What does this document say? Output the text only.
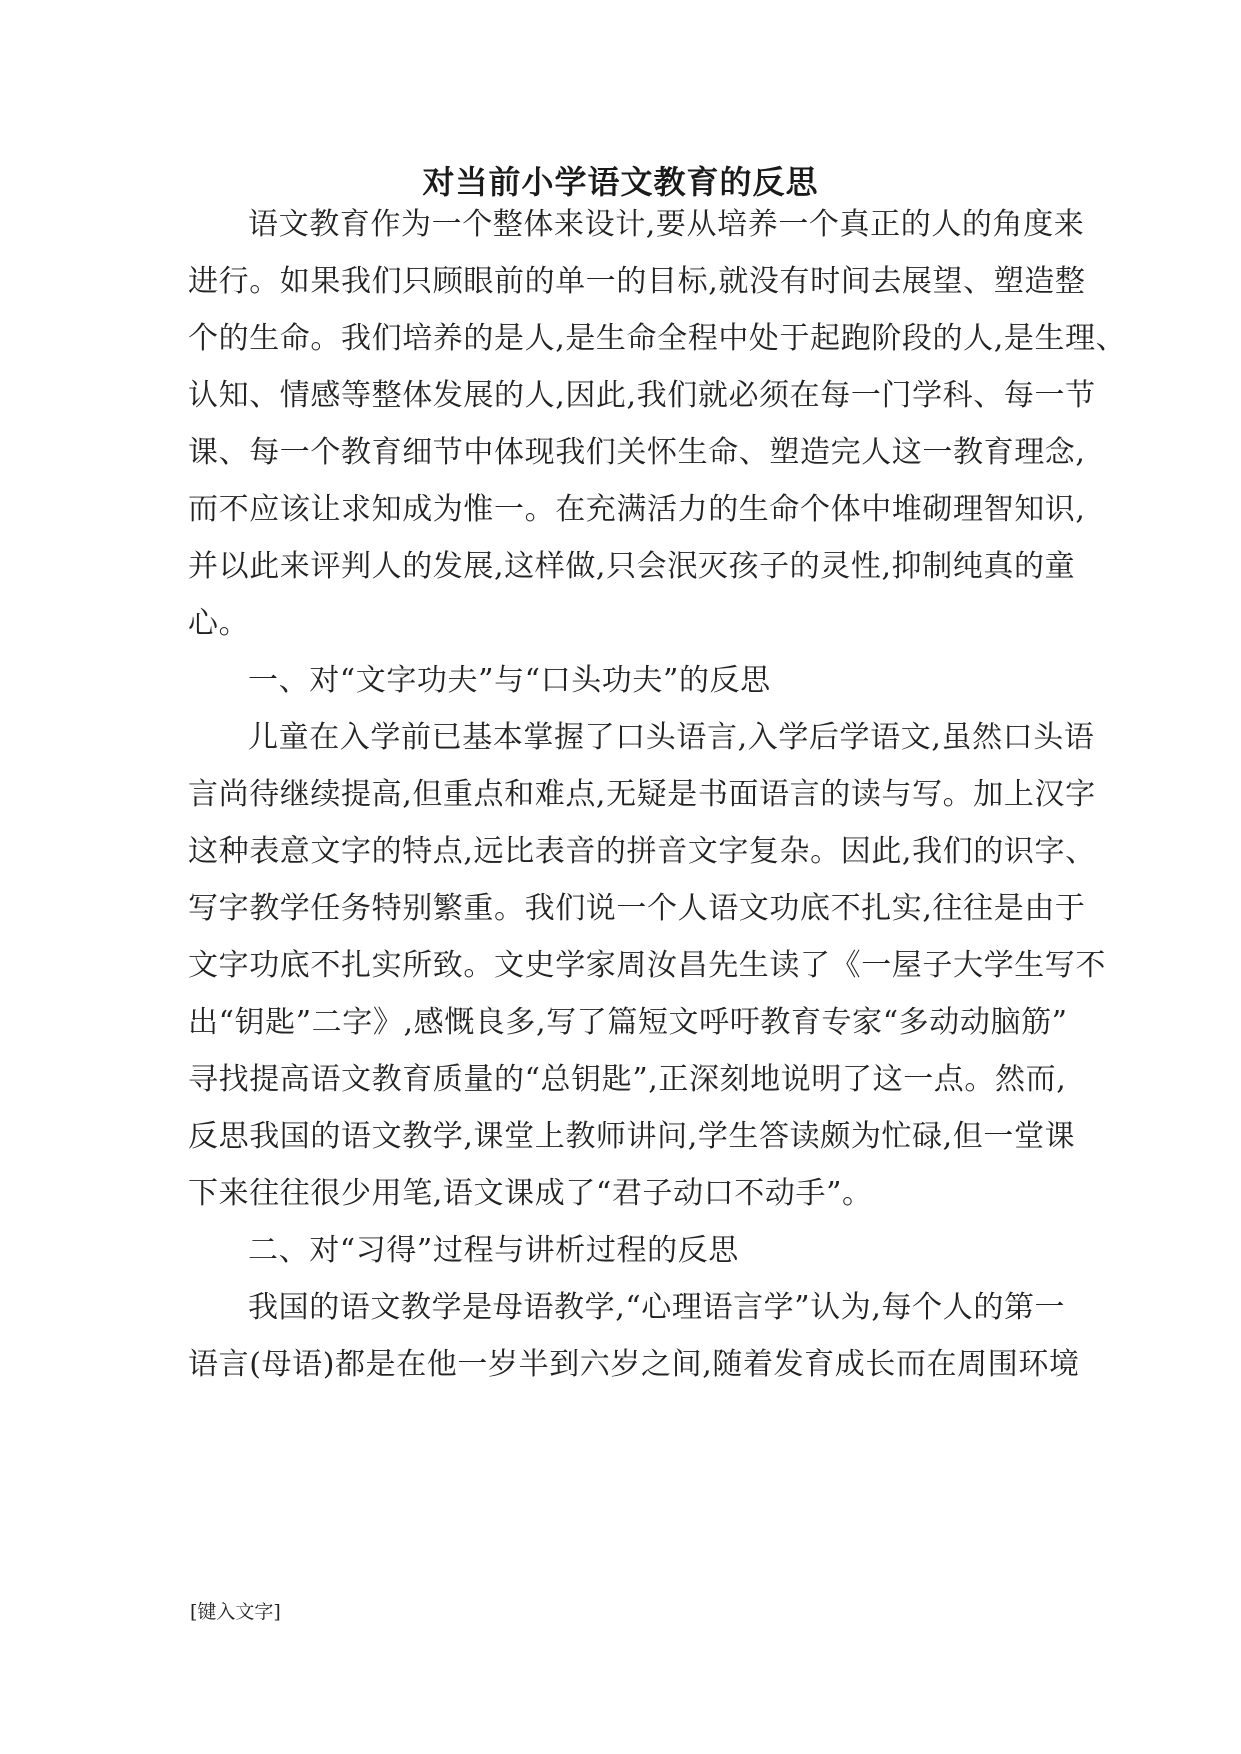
对当前小学语文教育的反思
语文教育作为一个整体来设计,要从培养一个真正的人的角度来
进行。如果我们只顾眼前的单一的目标,就没有时间去展望、塑造整
个的生命。我们培养的是人,是生命全程中处于起跑阶段的人,是生理、
认知、情感等整体发展的人,因此,我们就必须在每一门学科、每一节
课、每一个教育细节中体现我们关怀生命、塑造完人这一教育理念,
而不应该让求知成为惟一。在充满活力的生命个体中堆砌理智知识,
并以此来评判人的发展,这样做,只会泯灭孩子的灵性,抑制纯真的童
心。
一、对“文字功夫”与“口头功夫”的反思
儿童在入学前已基本掌握了口头语言,入学后学语文,虽然口头语
言尚待继续提高,但重点和难点,无疑是书面语言的读与写。加上汉字
这种表意文字的特点,远比表音的拼音文字复杂。因此,我们的识字、
写字教学任务特别繁重。我们说一个人语文功底不扎实,往往是由于
文字功底不扎实所致。文史学家周汝昌先生读了《一屋子大学生写不
出“钥匙”二字》,感慨良多,写了篇短文呼吁教育专家“多动动脑筋”
寻找提高语文教育质量的“总钥匙”,正深刻地说明了这一点。然而,
反思我国的语文教学,课堂上教师讲问,学生答读颇为忙碌,但一堂课
下来往往很少用笔,语文课成了“君子动口不动手”。
二、对“习得”过程与讲析过程的反思
我国的语文教学是母语教学,“心理语言学”认为,每个人的第一
语言(母语)都是在他一岁半到六岁之间,随着发育成长而在周围环境
[键入文字]
